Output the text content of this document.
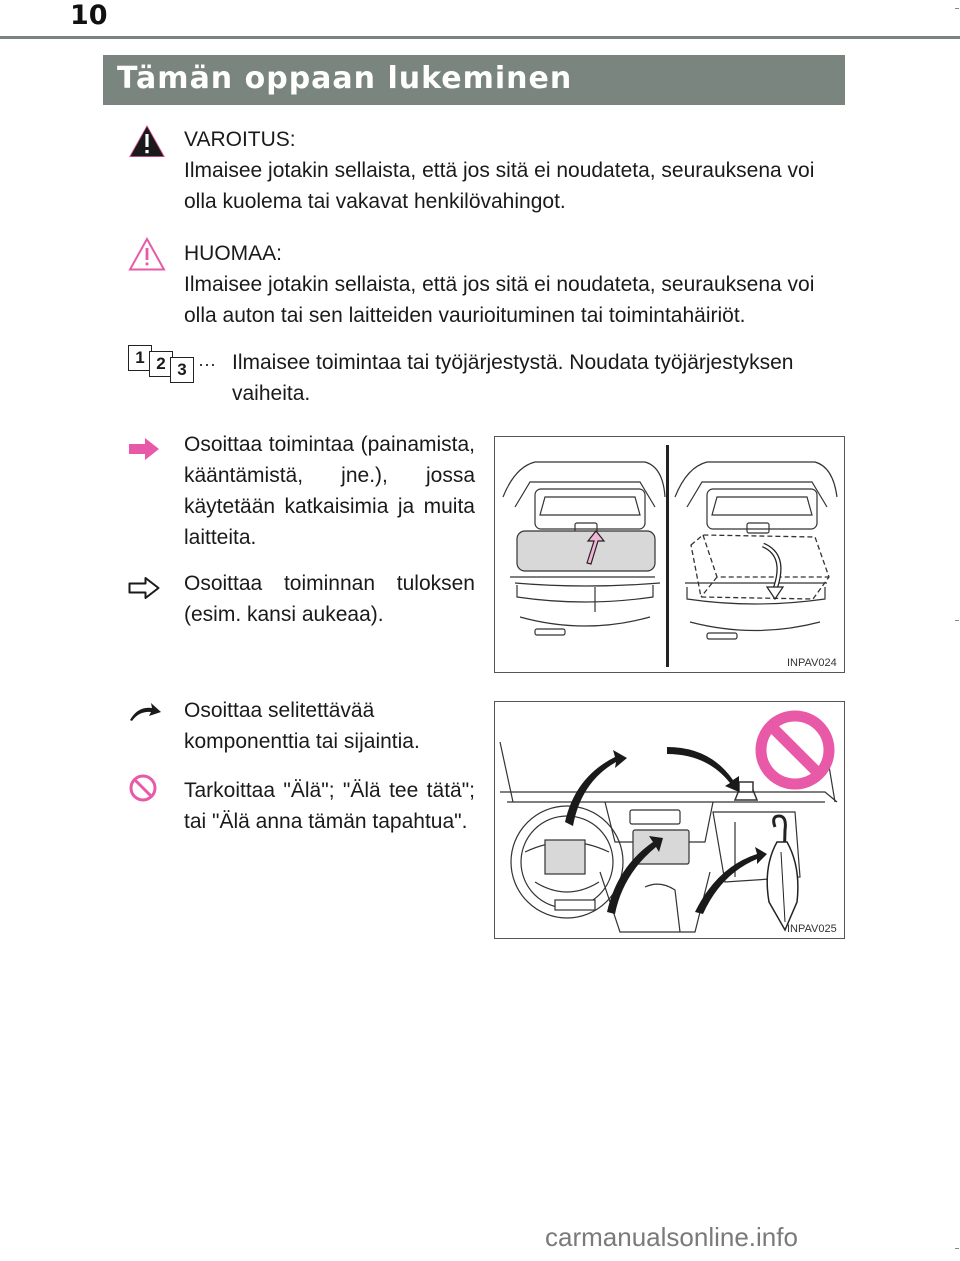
10
Tämän oppaan lukeminen
VAROITUS:
Ilmaisee jotakin sellaista, että jos sitä ei noudateta, seurauksena voi olla kuolema tai vakavat henkilövahingot.
HUOMAA:
Ilmaisee jotakin sellaista, että jos sitä ei noudateta, seurauksena voi olla auton tai sen laitteiden vaurioituminen tai toimintahäiriöt.
1 2 3 ··· Ilmaisee toimintaa tai työjärjestystä. Noudata työjärjestyksen vaiheita.
Osoittaa toimintaa (painamista, kääntämistä, jne.), jossa käytetään katkaisimia ja muita laitteita.
Osoittaa toiminnan tuloksen (esim. kansi aukeaa).
INPAV024
Osoittaa selitettävää komponenttia tai sijaintia.
Tarkoittaa "Älä"; "Älä tee tätä"; tai "Älä anna tämän tapahtua".
INPAV025
carmanualsonline.info
